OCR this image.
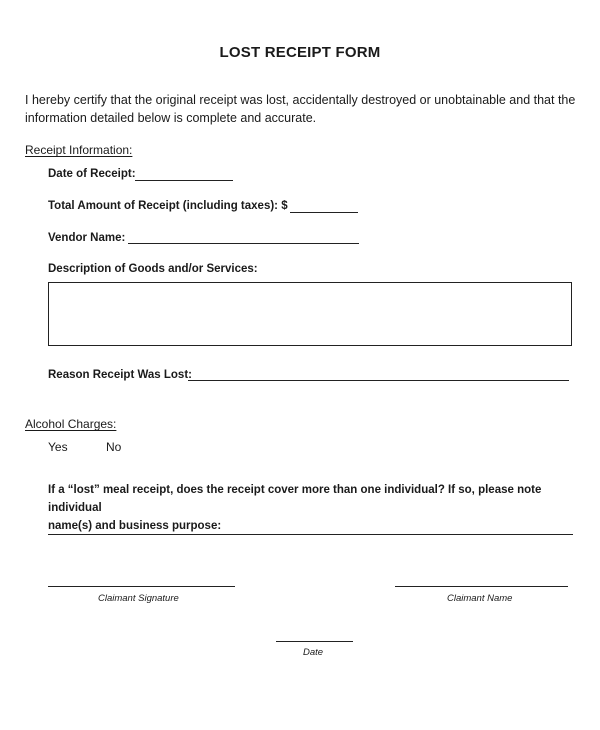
LOST RECEIPT FORM
I hereby certify that the original receipt was lost, accidentally destroyed or unobtainable and that the
information detailed below is complete and accurate.
Receipt Information:
Date of Receipt:
Total Amount of Receipt (including taxes): $
Vendor Name:
Description of Goods and/or Services:
Reason Receipt Was Lost:
Alcohol Charges:
Yes	No
If a “lost” meal receipt, does the receipt cover more than one individual? If so, please note individual
name(s) and business purpose:
Claimant Signature	Claimant Name
Date
